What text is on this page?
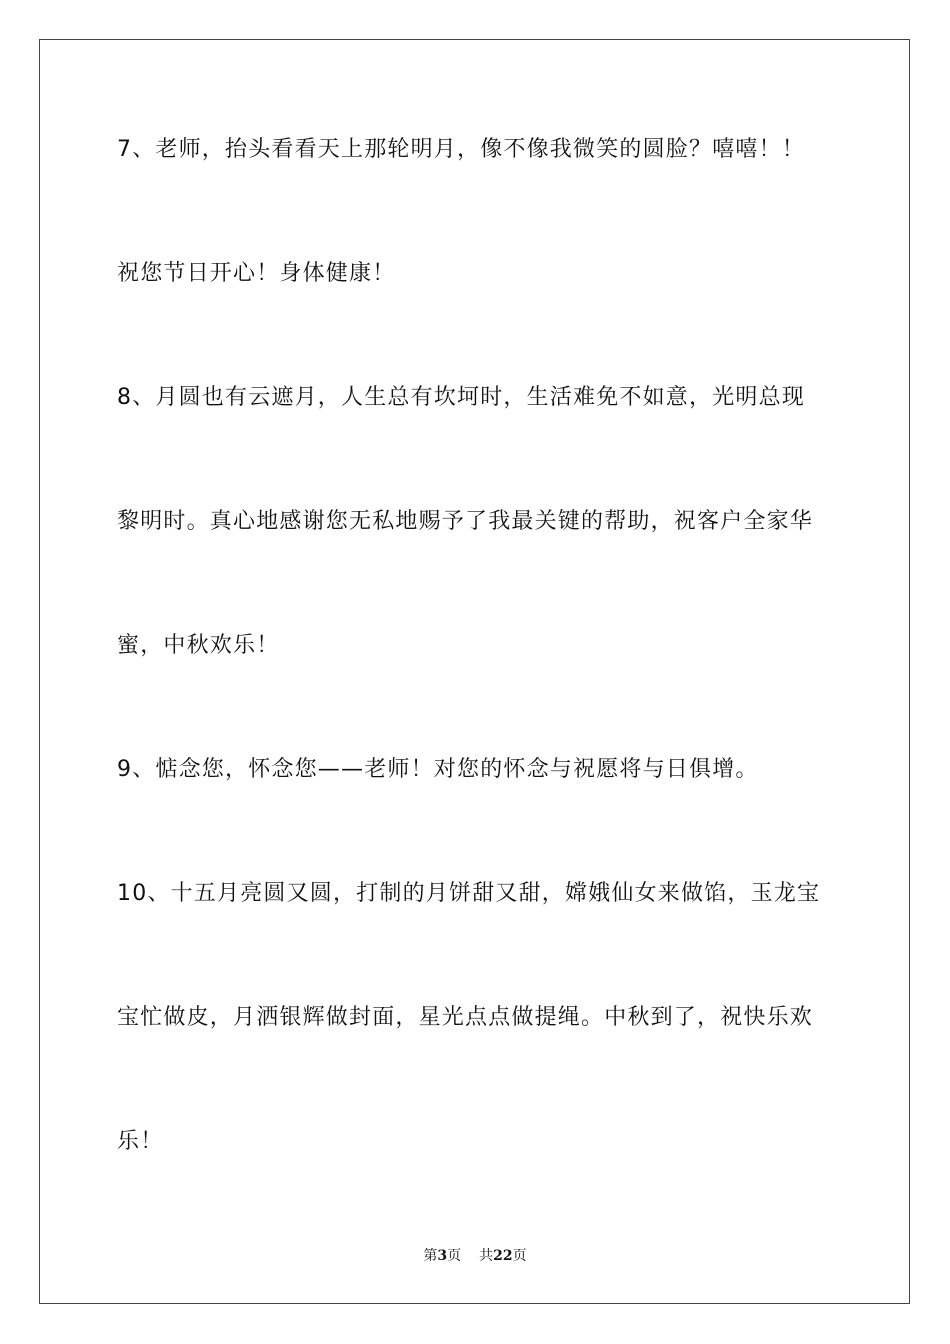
7、老师，抬头看看天上那轮明月，像不像我微笑的圆脸？嘻嘻！！
祝您节日开心！身体健康！
8、月圆也有云遮月，人生总有坎坷时，生活难免不如意，光明总现
黎明时。真心地感谢您无私地赐予了我最关键的帮助，祝客户全家华
蜜，中秋欢乐！
9、惦念您，怀念您——老师！对您的怀念与祝愿将与日俱增。
10、十五月亮圆又圆，打制的月饼甜又甜，嫦娥仙女来做馅，玉龙宝
宝忙做皮，月洒银辉做封面，星光点点做提绳。中秋到了，祝快乐欢
乐！
第3页 共22页
